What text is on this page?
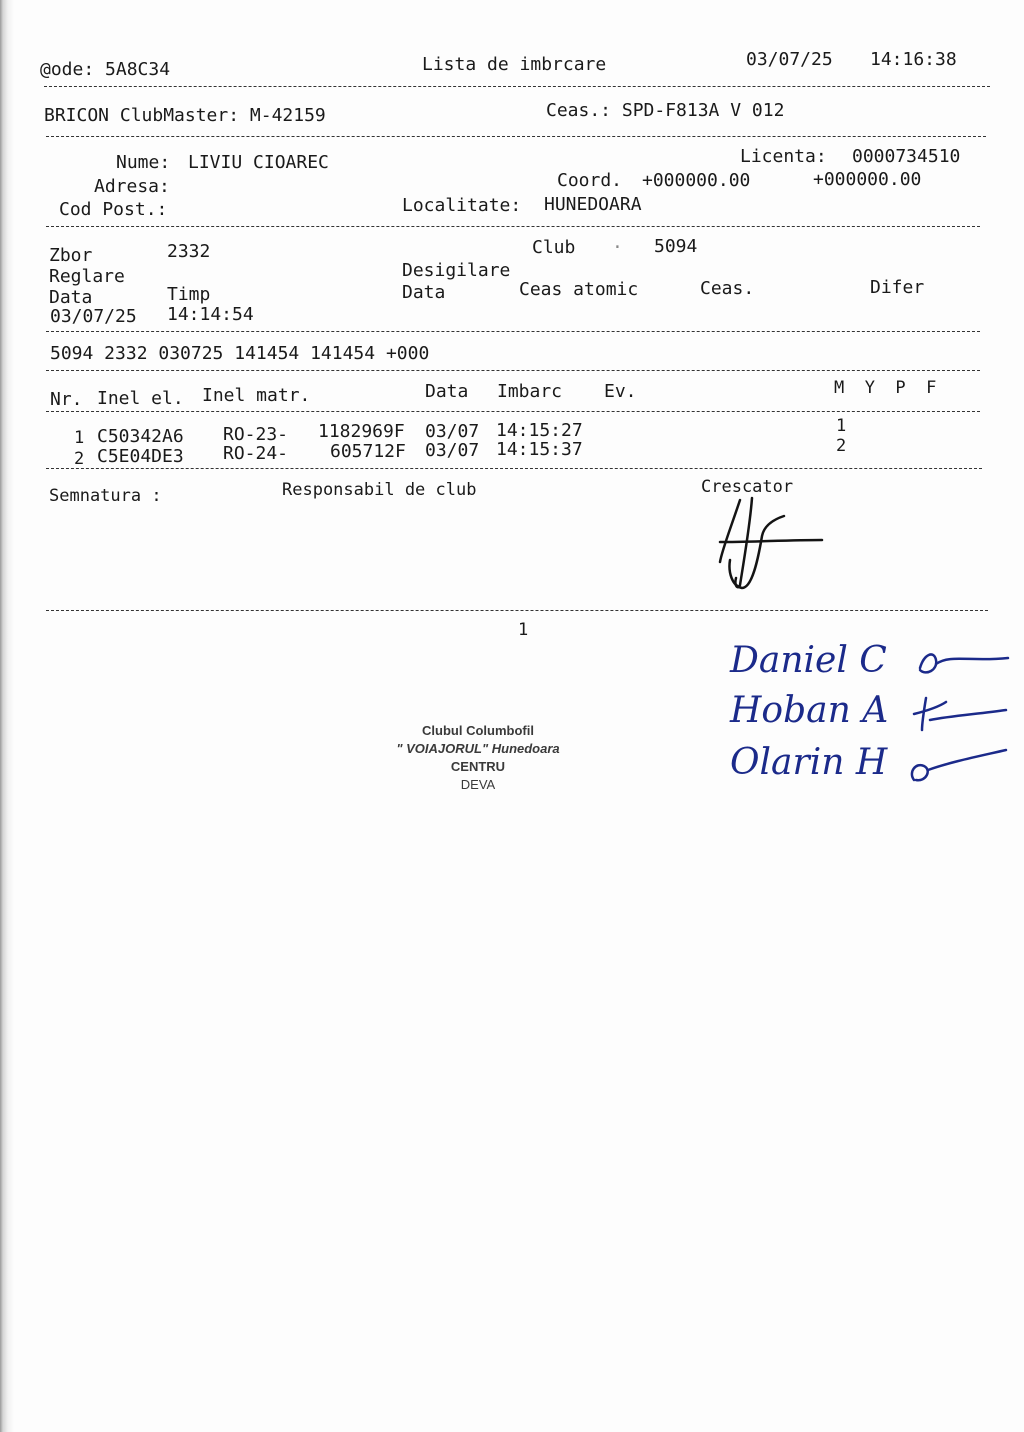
@ode: 5A8C34	Lista de imbrcare	03/07/25 14:16:38
BRICON ClubMaster: M-42159	Ceas.: SPD-F813A V 012
Nume: LIVIU CIOAREC
Adresa:
Cod Post.:
Licenta: 0000734510
Coord. +000000.00	+000000.00
Localitate: HUNEDOARA
Zbor	2332	Club · 5094
Reglare	Desigilare
Data	Timp	Data	Ceas atomic	Ceas.	Difer
03/07/25 14:14:54
5094 2332 030725 141454 141454 +000
Nr. Inel el. Inel matr.	Data Imbarc Ev.	M  Y  P  F
1 C50342A6 RO-23- 1182969F 03/07 14:15:27	1
2 C5E04DE3 RO-24- 605712F 03/07 14:15:37	2
Semnatura :	Responsabil de club	Crescator
1
Daniel C
Hoban A
Olarin H
Clubul Columbofil
" VOIAJORUL" Hunedoara
CENTRU
DEVA
